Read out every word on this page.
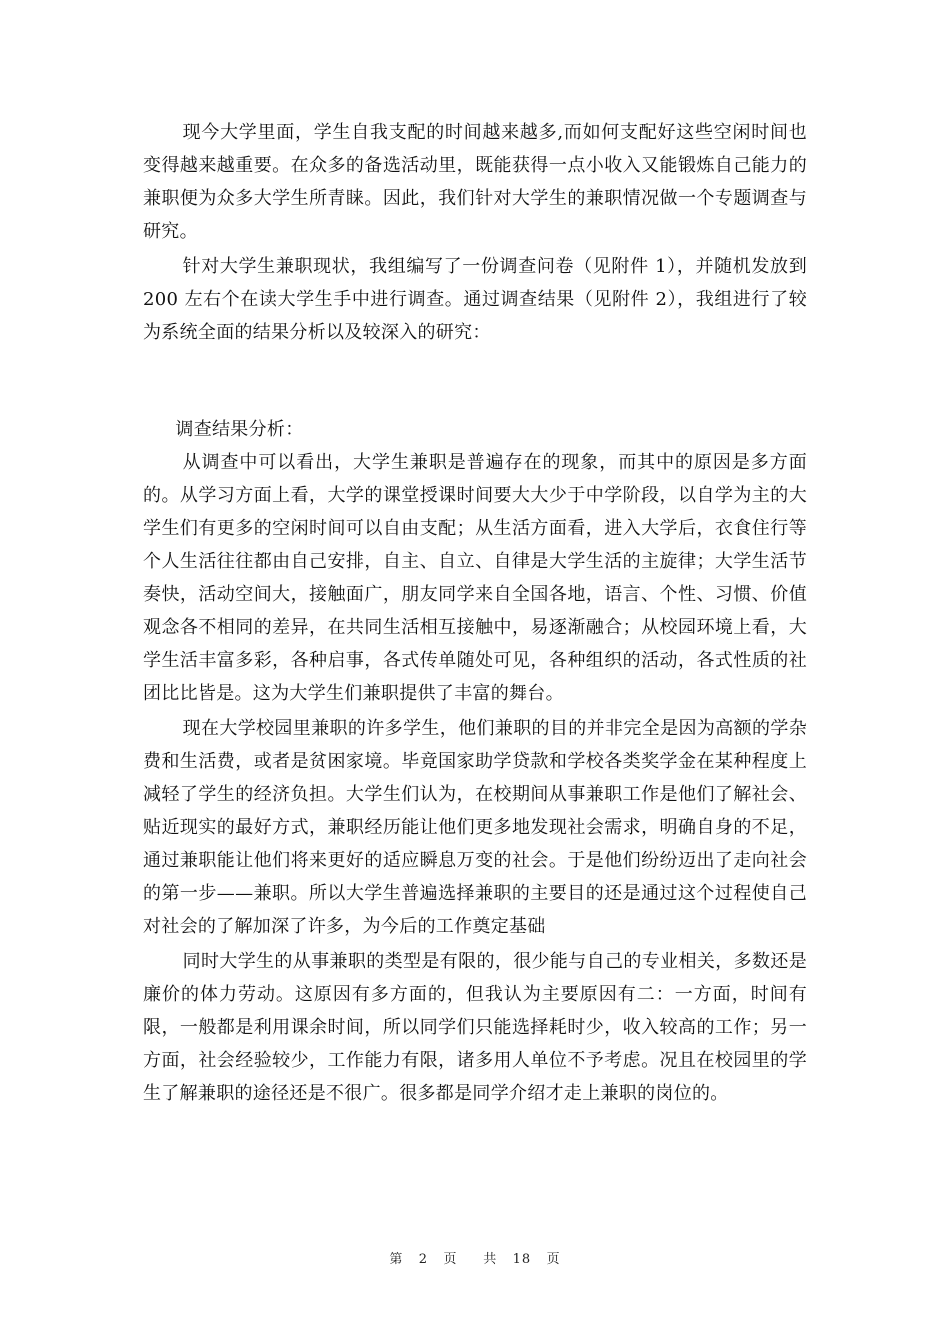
现今大学里面，学生自我支配的时间越来越多,而如何支配好这些空闲时间也变得越来越重要。在众多的备选活动里，既能获得一点小收入又能锻炼自己能力的兼职便为众多大学生所青睐。因此，我们针对大学生的兼职情况做一个专题调查与研究。

针对大学生兼职现状，我组编写了一份调查问卷（见附件 1），并随机发放到 200 左右个在读大学生手中进行调查。通过调查结果（见附件 2），我组进行了较为系统全面的结果分析以及较深入的研究：

调查结果分析：

从调查中可以看出，大学生兼职是普遍存在的现象，而其中的原因是多方面的。从学习方面上看，大学的课堂授课时间要大大少于中学阶段，以自学为主的大学生们有更多的空闲时间可以自由支配；从生活方面看，进入大学后，衣食住行等个人生活往往都由自己安排，自主、自立、自律是大学生活的主旋律；大学生活节奏快，活动空间大，接触面广，朋友同学来自全国各地，语言、个性、习惯、价值观念各不相同的差异，在共同生活相互接触中，易逐渐融合；从校园环境上看，大学生活丰富多彩，各种启事，各式传单随处可见，各种组织的活动，各式性质的社团比比皆是。这为大学生们兼职提供了丰富的舞台。

现在大学校园里兼职的许多学生，他们兼职的目的并非完全是因为高额的学杂费和生活费，或者是贫困家境。毕竟国家助学贷款和学校各类奖学金在某种程度上减轻了学生的经济负担。大学生们认为，在校期间从事兼职工作是他们了解社会、贴近现实的最好方式，兼职经历能让他们更多地发现社会需求，明确自身的不足，通过兼职能让他们将来更好的适应瞬息万变的社会。于是他们纷纷迈出了走向社会的第一步——兼职。所以大学生普遍选择兼职的主要目的还是通过这个过程使自己对社会的了解加深了许多，为今后的工作奠定基础

同时大学生的从事兼职的类型是有限的，很少能与自己的专业相关，多数还是廉价的体力劳动。这原因有多方面的，但我认为主要原因有二：一方面，时间有限，一般都是利用课余时间，所以同学们只能选择耗时少，收入较高的工作；另一方面，社会经验较少，工作能力有限，诸多用人单位不予考虑。况且在校园里的学生了解兼职的途径还是不很广。很多都是同学介绍才走上兼职的岗位的。

第 2 页 共 18 页
